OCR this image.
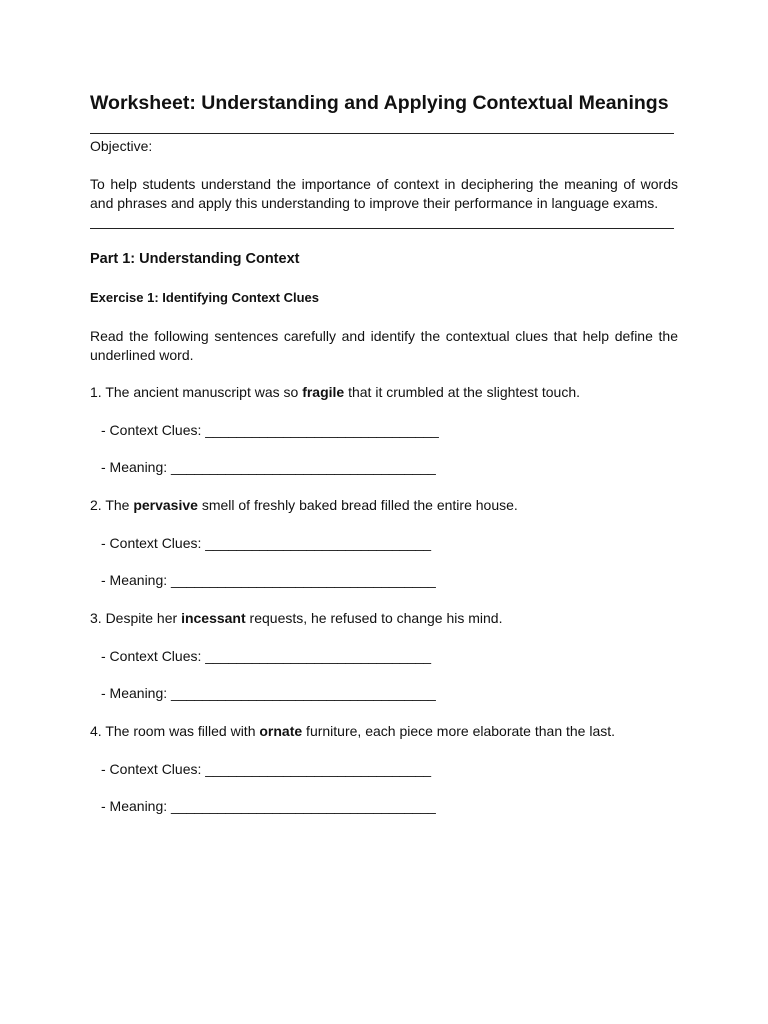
Worksheet: Understanding and Applying Contextual Meanings

Objective:

To help students understand the importance of context in deciphering the meaning of words and phrases and apply this understanding to improve their performance in language exams.

Part 1: Understanding Context
Exercise 1: Identifying Context Clues

Read the following sentences carefully and identify the contextual clues that help define the underlined word.

1. The ancient manuscript was so fragile that it crumbled at the slightest touch.

- Context Clues: ______________________________

- Meaning: __________________________________

2. The pervasive smell of freshly baked bread filled the entire house.

- Context Clues: _____________________________

- Meaning: __________________________________

3. Despite her incessant requests, he refused to change his mind.

- Context Clues: _____________________________

- Meaning: __________________________________

4. The room was filled with ornate furniture, each piece more elaborate than the last.

- Context Clues: _____________________________

- Meaning: __________________________________
